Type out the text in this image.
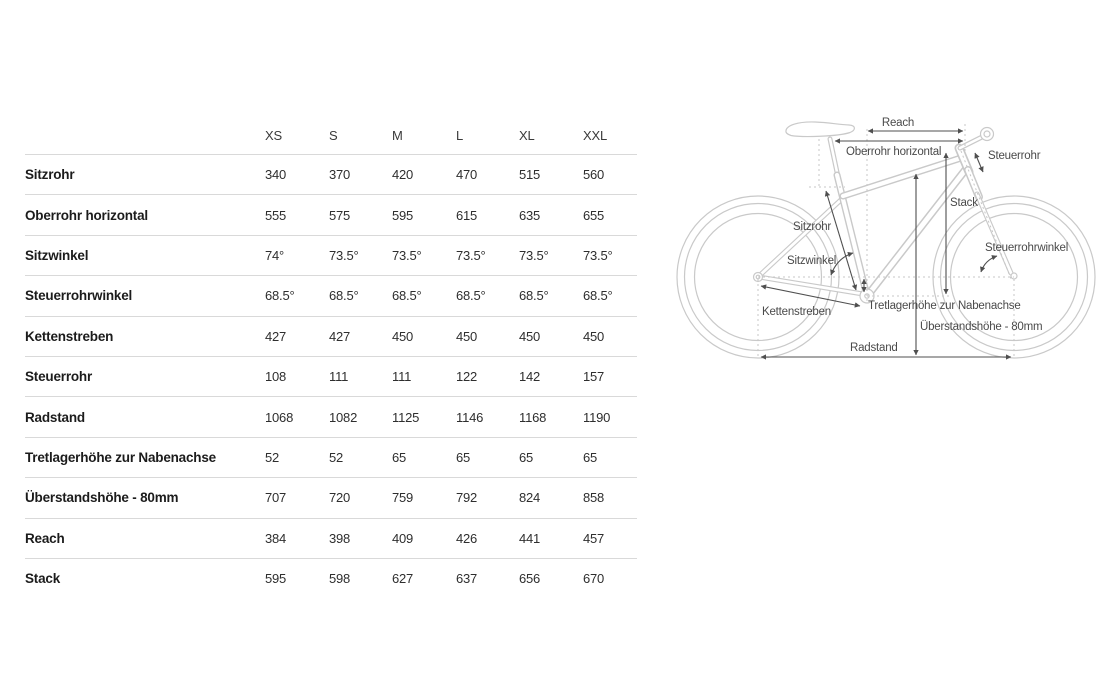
XS	S	M	L	XL	XXL
Sitzrohr	340	370	420	470	515	560
Oberrohr horizontal	555	575	595	615	635	655
Sitzwinkel	74°	73.5°	73.5°	73.5°	73.5°	73.5°
Steuerrohrwinkel	68.5°	68.5°	68.5°	68.5°	68.5°	68.5°
Kettenstreben	427	427	450	450	450	450
Steuerrohr	108	111	111	122	142	157
Radstand	1068	1082	1125	1146	1168	1190
Tretlagerhöhe zur Nabenachse	52	52	65	65	65	65
Überstandshöhe - 80mm	707	720	759	792	824	858
Reach	384	398	409	426	441	457
Stack	595	598	627	637	656	670
Reach
Oberrohr horizontal	Steuerrohr
Sitzrohr
Stack
Sitzwinkel
Steuerrohrwinkel
Tretlagerhöhe zur Nabenachse
Überstandshöhe - 80mm
Kettenstreben
Radstand
